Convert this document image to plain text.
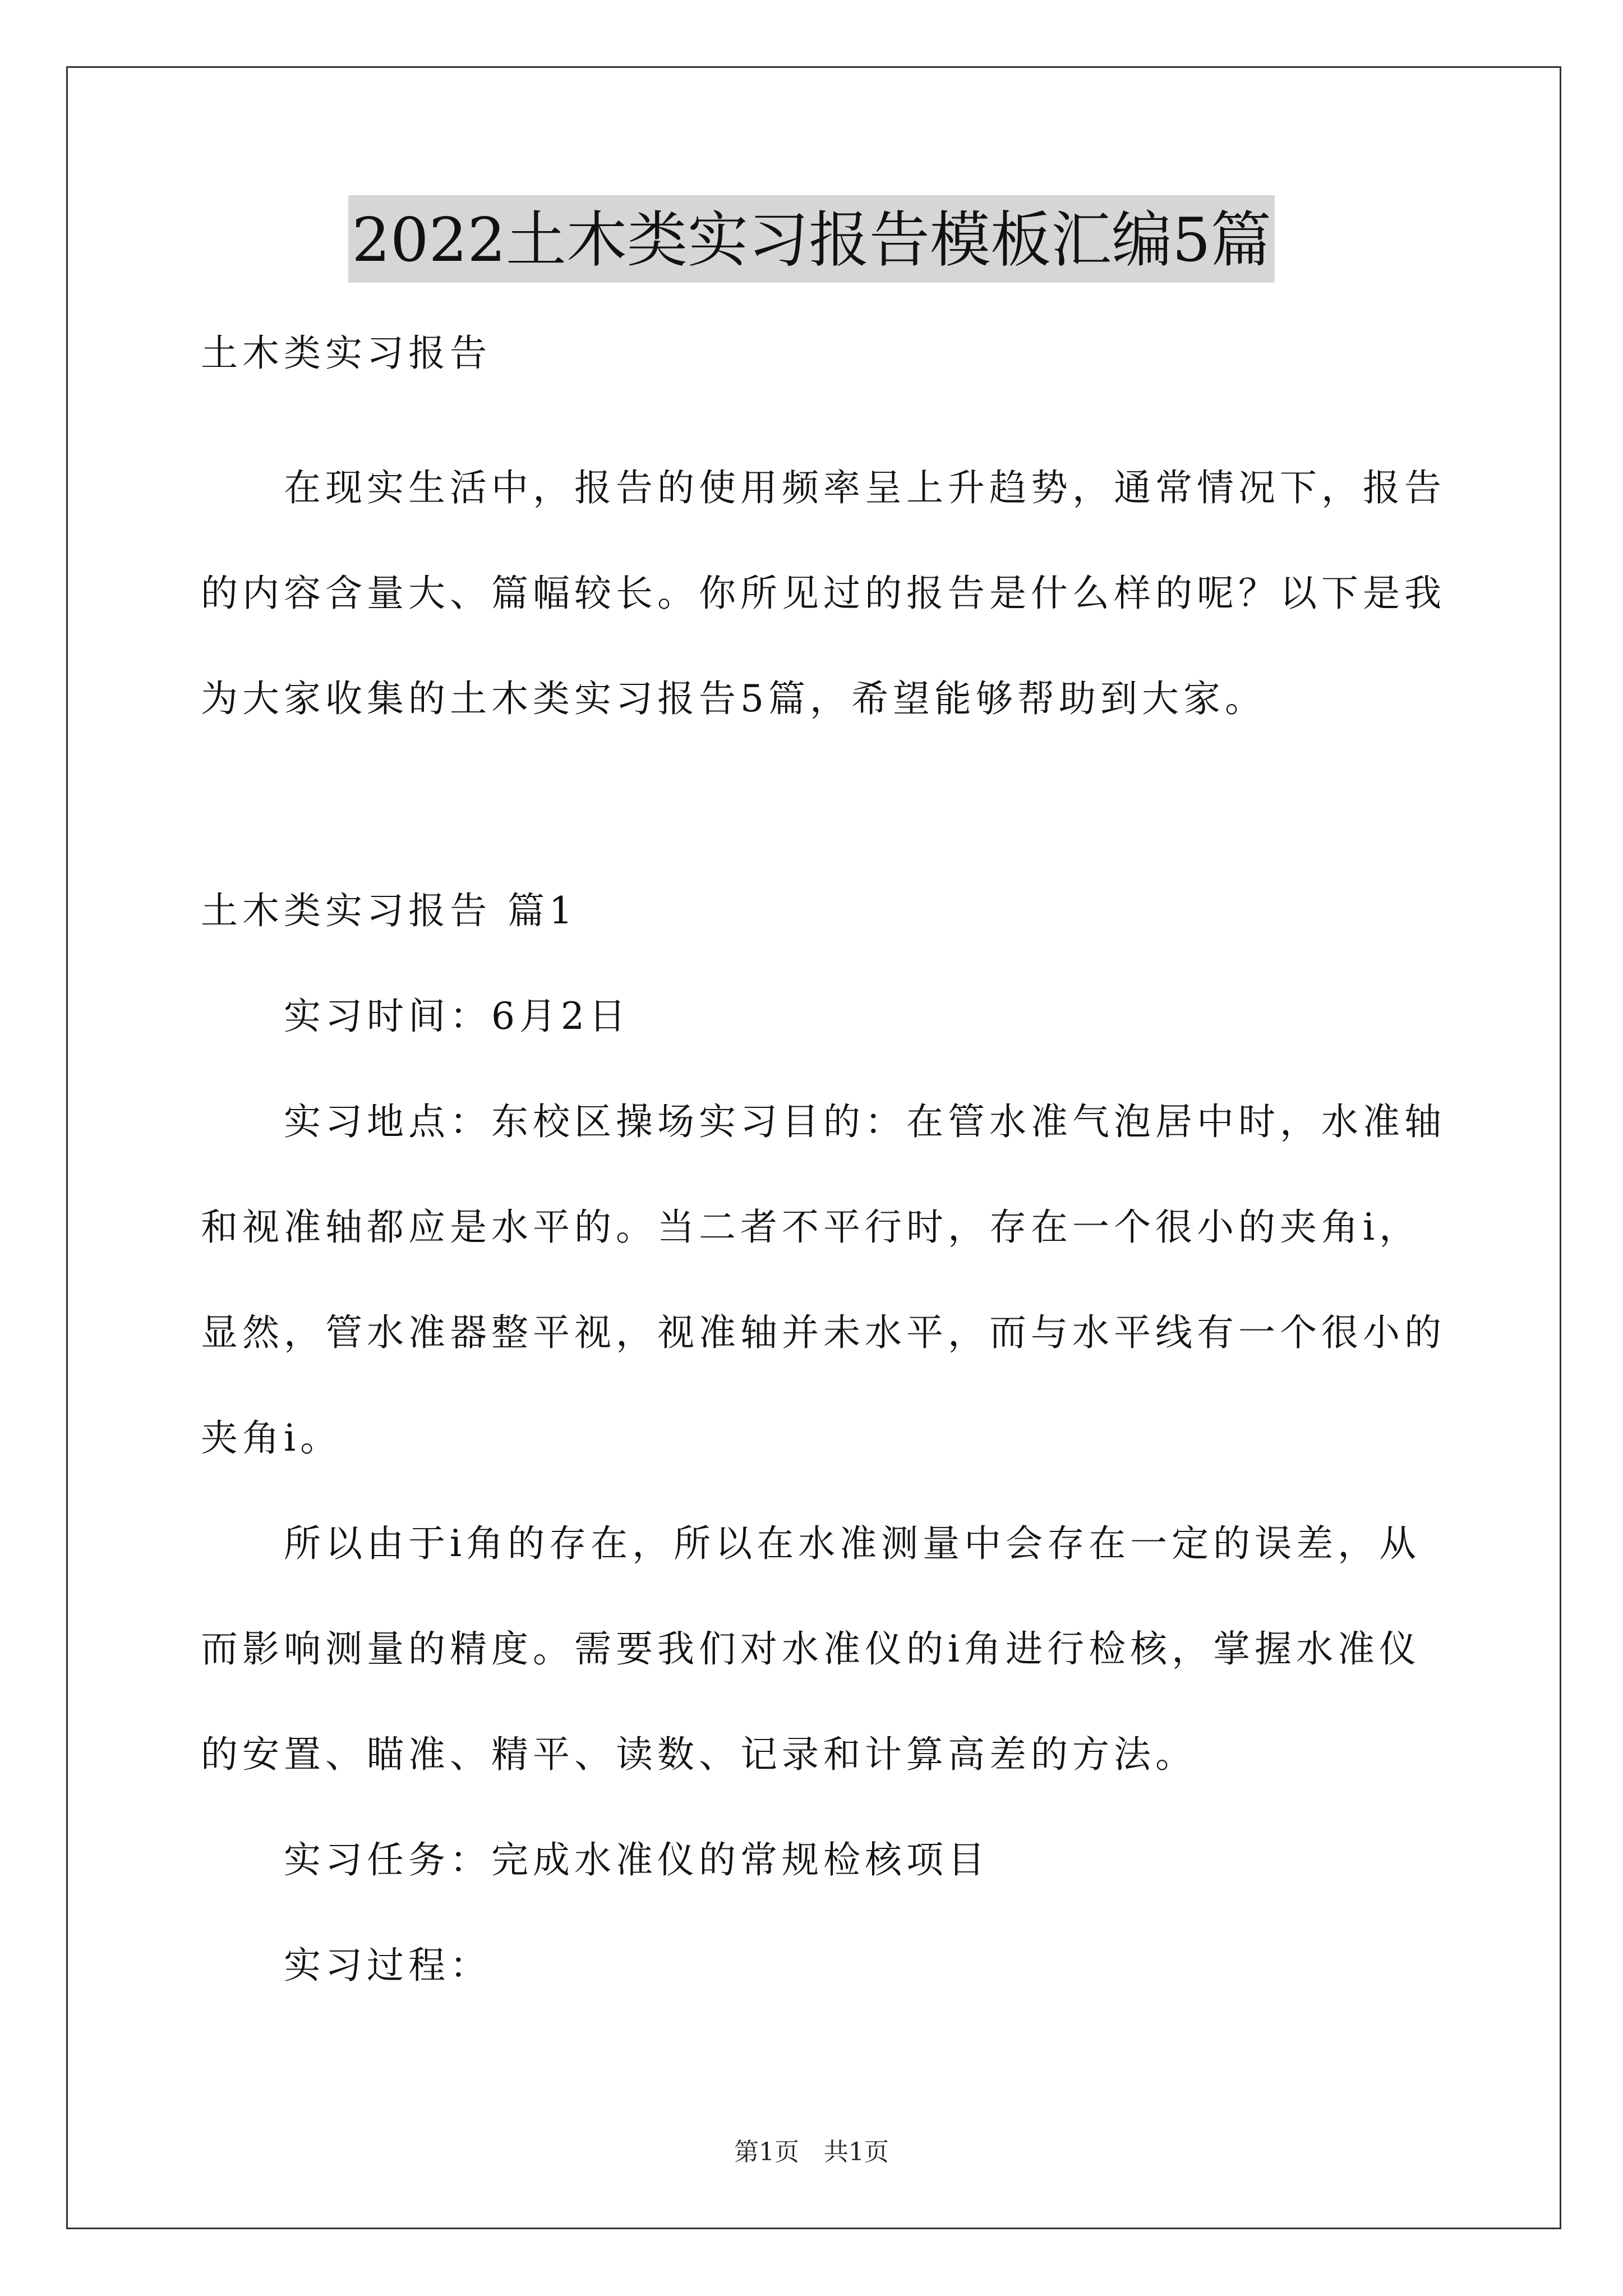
2022土木类实习报告模板汇编5篇

土木类实习报告

　　在现实生活中，报告的使用频率呈上升趋势，通常情况下，报告

的内容含量大、篇幅较长。你所见过的报告是什么样的呢？以下是我

为大家收集的土木类实习报告5篇，希望能够帮助到大家。

土木类实习报告 篇1

　　实习时间：6月2日

　　实习地点：东校区操场实习目的：在管水准气泡居中时，水准轴

和视准轴都应是水平的。当二者不平行时，存在一个很小的夹角i，

显然，管水准器整平视，视准轴并未水平，而与水平线有一个很小的

夹角i。

　　所以由于i角的存在，所以在水准测量中会存在一定的误差，从

而影响测量的精度。需要我们对水准仪的i角进行检核，掌握水准仪

的安置、瞄准、精平、读数、记录和计算高差的方法。

　　实习任务：完成水准仪的常规检核项目

　　实习过程：

第1页　共1页
